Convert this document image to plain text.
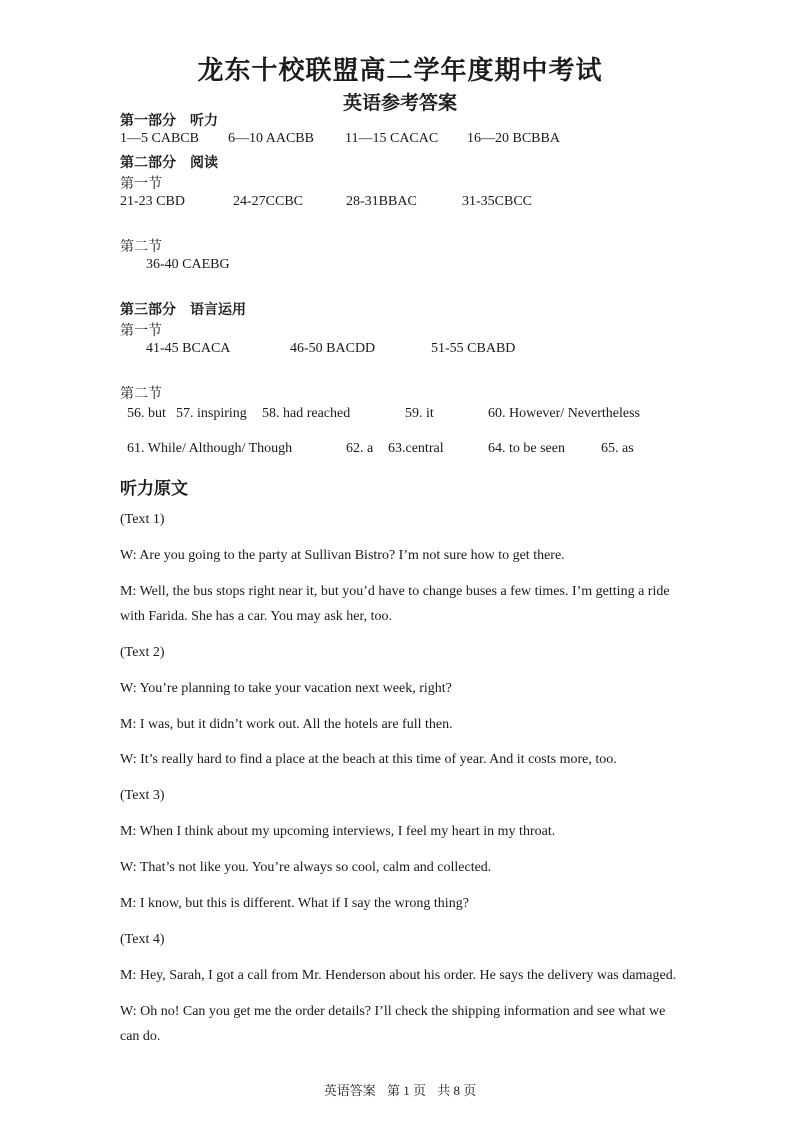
龙东十校联盟高二学年度期中考试
英语参考答案
第一部分　听力
1—5 CABCB 6—10 AACBB 11—15 CACAC 16—20 BCBBA
第二部分　阅读
第一节
21-23 CBD	24-27CCBC	28-31BBAC	31-35CBCC
第二节
36-40 CAEBG
第三部分　语言运用
第一节
41-45 BCACA	46-50 BACDD	51-55 CBABD
第二节
56. but 57. inspiring 58. had reached	59. it	60. However/ Nevertheless
61. While/ Although/ Though	62. a 63.central	64. to be seen	65. as
听力原文
(Text 1)
W: Are you going to the party at Sullivan Bistro? I’m not sure how to get there.
M: Well, the bus stops right near it, but you’d have to change buses a few times. I’m getting a ride
with Farida. She has a car. You may ask her, too.
(Text 2)
W: You’re planning to take your vacation next week, right?
M: I was, but it didn’t work out. All the hotels are full then.
W: It’s really hard to find a place at the beach at this time of year. And it costs more, too.
(Text 3)
M: When I think about my upcoming interviews, I feel my heart in my throat.
W: That’s not like you. You’re always so cool, calm and collected.
M: I know, but this is different. What if I say the wrong thing?
(Text 4)
M: Hey, Sarah, I got a call from Mr. Henderson about his order. He says the delivery was damaged.
W: Oh no! Can you get me the order details? I’ll check the shipping information and see what we
can do.
英语答案 第 1 页 共 8 页
